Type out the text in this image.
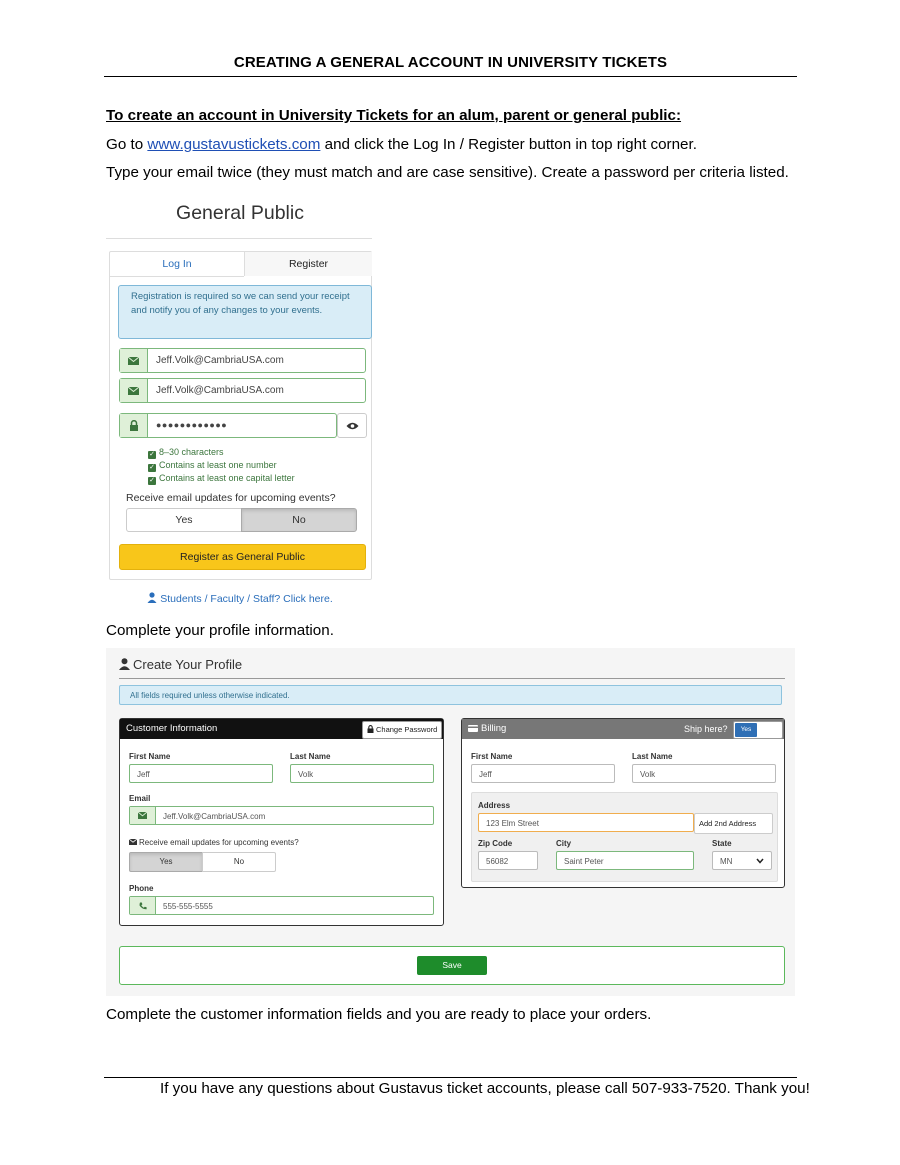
CREATING A GENERAL ACCOUNT IN UNIVERSITY TICKETS
To create an account in University Tickets for an alum, parent or general public:
Go to www.gustavustickets.com and click the Log In / Register button in top right corner.
Type your email twice (they must match and are case sensitive). Create a password per criteria listed.
General Public
Log In	Register
Registration is required so we can send your receipt and notify you of any changes to your events.
Jeff.Volk@CambriaUSA.com
Jeff.Volk@CambriaUSA.com
●●●●●●●●●●●●
✓ 8–30 characters
✓ Contains at least one number
✓ Contains at least one capital letter
Receive email updates for upcoming events?
Yes	No
Register as General Public
Students / Faculty / Staff? Click here.
Complete your profile information.
Create Your Profile
All fields required unless otherwise indicated.
Customer Information	Change Password
First Name
Jeff
Last Name
Volk
Email
Jeff.Volk@CambriaUSA.com
Receive email updates for upcoming events?
Yes	No
Phone
555-555-5555
Billing	Ship here?	Yes
First Name
Jeff
Last Name
Volk
Address
123 Elm Street	Add 2nd Address
Zip Code
56082
City
Saint Peter
State
MN
Save
Complete the customer information fields and you are ready to place your orders.
If you have any questions about Gustavus ticket accounts, please call 507-933-7520. Thank you!
